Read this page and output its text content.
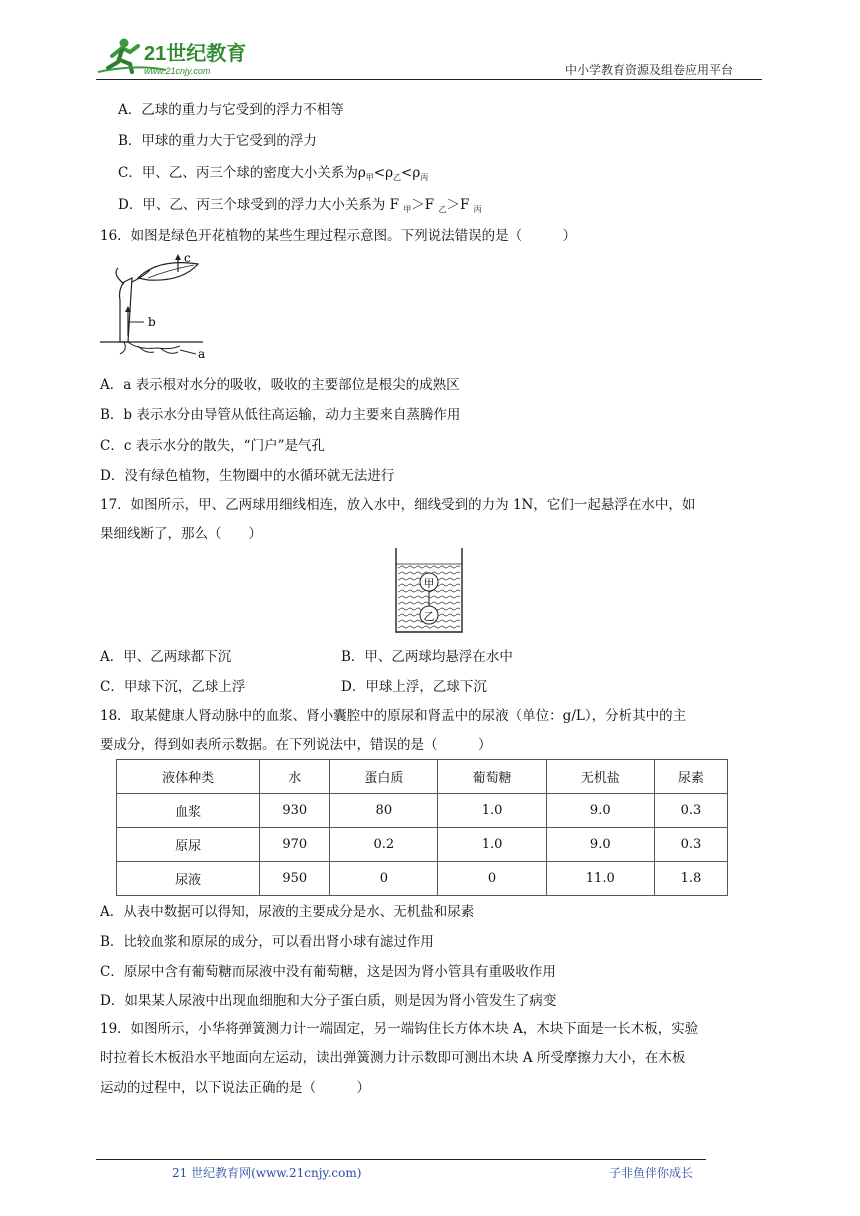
21世纪教育
www.21cnjy.com	中小学教育资源及组卷应用平台
A．乙球的重力与它受到的浮力不相等
B．甲球的重力大于它受到的浮力
C．甲、乙、丙三个球的密度大小关系为$\rho_甲<\rho_乙<\rho_丙$
D．甲、乙、丙三个球受到的浮力大小关系为 F $_甲$＞F $_乙$＞F $_丙$
16．如图是绿色开花植物的某些生理过程示意图。下列说法错误的是（　　　）
c
b
a
A．a 表示根对水分的吸收，吸收的主要部位是根尖的成熟区
B．b 表示水分由导管从低往高运输，动力主要来自蒸腾作用
C．c 表示水分的散失，“门户”是气孔
D．没有绿色植物，生物圈中的水循环就无法进行
17．如图所示，甲、乙两球用细线相连，放入水中，细线受到的力为 1N，它们一起悬浮在水中，如
果细线断了，那么（　　）
甲
乙
A．甲、乙两球都下沉	B．甲、乙两球均悬浮在水中
C．甲球下沉，乙球上浮	D．甲球上浮，乙球下沉
18．取某健康人肾动脉中的血浆、肾小囊腔中的原尿和肾盂中的尿液（单位：g/L），分析其中的主
要成分，得到如表所示数据。在下列说法中，错误的是（　　　）
液体种类	水	蛋白质	葡萄糖	无机盐	尿素
血浆	930	80	1.0	9.0	0.3
原尿	970	0.2	1.0	9.0	0.3
尿液	950	0	0	11.0	1.8
A．从表中数据可以得知，尿液的主要成分是水、无机盐和尿素
B．比较血浆和原尿的成分，可以看出肾小球有滤过作用
C．原尿中含有葡萄糖而尿液中没有葡萄糖，这是因为肾小管具有重吸收作用
D．如果某人尿液中出现血细胞和大分子蛋白质，则是因为肾小管发生了病变
19．如图所示，小华将弹簧测力计一端固定，另一端钩住长方体木块 A，木块下面是一长木板，实验
时拉着长木板沿水平地面向左运动，读出弹簧测力计示数即可测出木块 A 所受摩擦力大小，在木板
运动的过程中，以下说法正确的是（　　　）
21 世纪教育网(www.21cnjy.com)	子非鱼伴你成长
